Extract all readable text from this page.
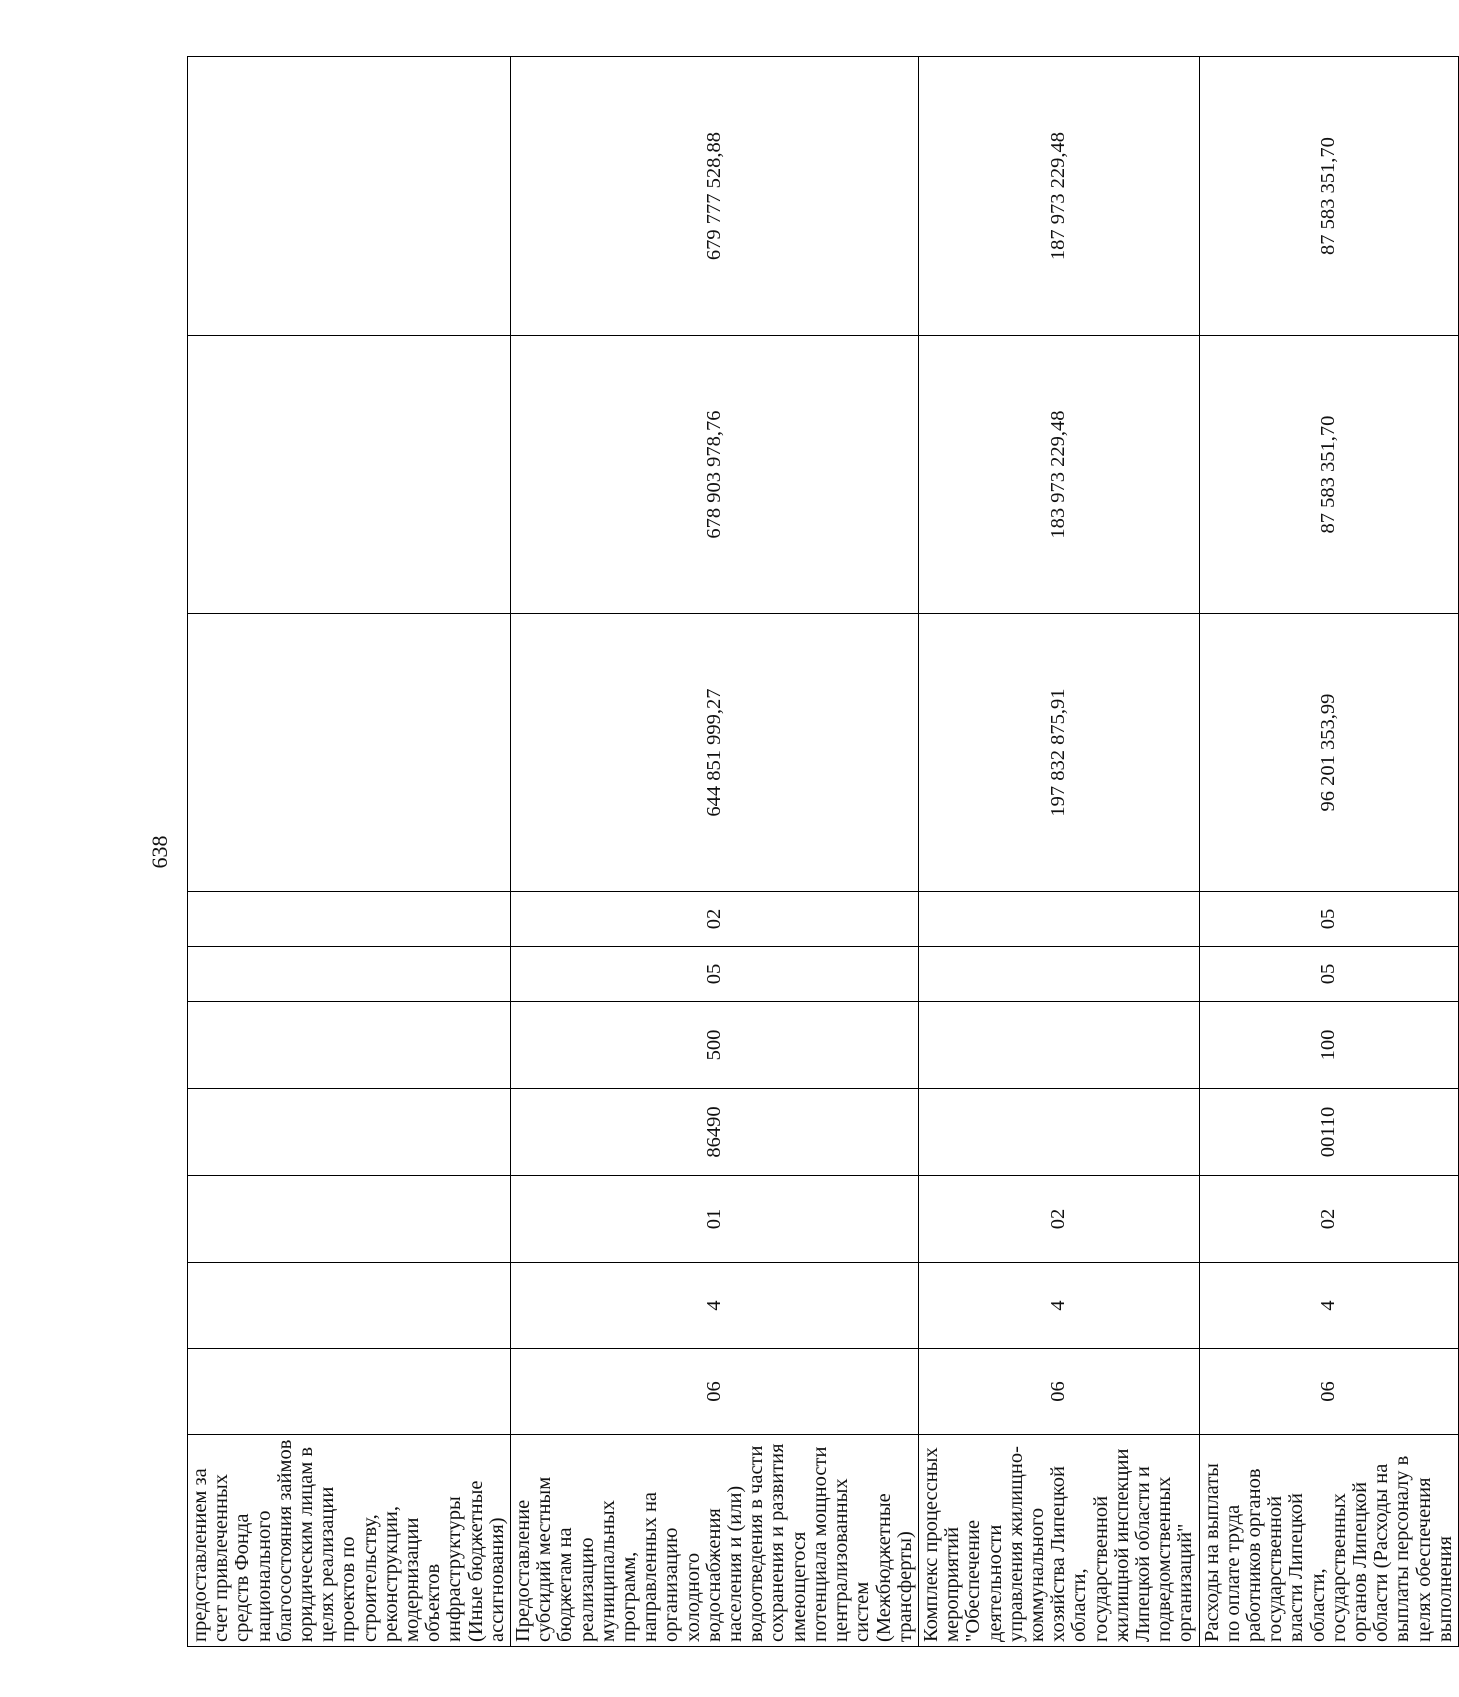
638
предоставлением за счет привлеченных средств Фонда национального благосостояния займов юридическим лицам в целях реализации проектов по строительству, реконструкции, модернизации объектов инфраструктуры (Иные бюджетные ассигнования)										
Предоставление субсидий местным бюджетам на реализацию муниципальных программ, направленных на организацию холодного водоснабжения населения и (или) водоотведения в части сохранения и развития имеющегося потенциала мощности централизованных систем (Межбюджетные трансферты)	06	4	01	86490	500	05	02	644 851 999,27	678 903 978,76	679 777 528,88
Комплекс процессных мероприятий "Обеспечение деятельности управления жилищно-коммунального хозяйства Липецкой области, государственной жилищной инспекции Липецкой области и подведомственных организаций"	06	4	02					197 832 875,91	183 973 229,48	187 973 229,48
Расходы на выплаты по оплате труда работников органов государственной власти Липецкой области, государственных органов Липецкой области (Расходы на выплаты персоналу в целях обеспечения выполнения	06	4	02	00110	100	05	05	96 201 353,99	87 583 351,70	87 583 351,70
